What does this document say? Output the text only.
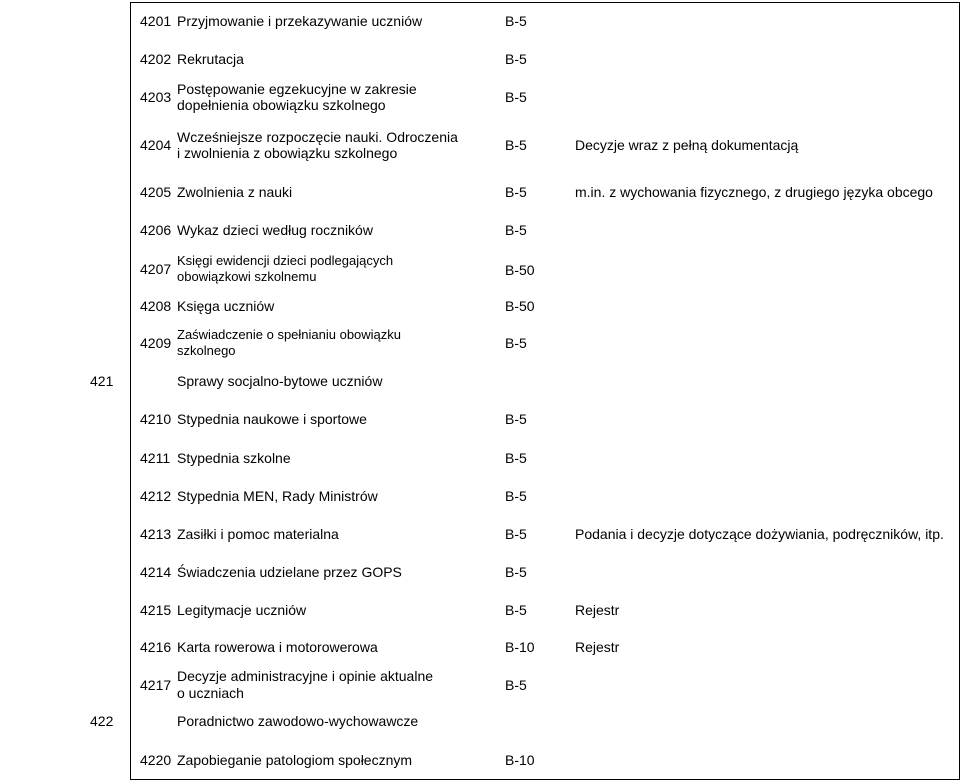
4201 Przyjmowanie i przekazywanie uczniów	B-5
4202 Rekrutacja	B-5
4203 Postępowanie egzekucyjne w zakresie
dopełnienia obowiązku szkolnego	B-5
4204 Wcześniejsze rozpoczęcie nauki. Odroczenia
i zwolnienia z obowiązku szkolnego	B-5	Decyzje wraz z pełną dokumentacją
4205 Zwolnienia z nauki	B-5	m.in. z wychowania fizycznego, z drugiego języka obcego
4206 Wykaz dzieci według roczników	B-5
4207
Księgi ewidencji dzieci podlegających
obowiązkowi szkolnemu	B-50
4208 Księga uczniów	B-50
4209
Zaświadczenie o spełnianiu obowiązku
szkolnego	B-5
421	Sprawy socjalno-bytowe uczniów
4210 Stypednia naukowe i sportowe	B-5
4211 Stypednia szkolne	B-5
4212 Stypednia MEN, Rady Ministrów	B-5
4213 Zasiłki i pomoc materialna	B-5	Podania i decyzje dotyczące dożywiania, podręczników, itp.
4214 Świadczenia udzielane przez GOPS	B-5
4215 Legitymacje uczniów	B-5	Rejestr
4216 Karta rowerowa i motorowerowa	B-10	Rejestr
4217
Decyzje administracyjne i opinie aktualne
o uczniach	B-5
422	Poradnictwo zawodowo-wychowawcze
4220 Zapobieganie patologiom społecznym	B-10
